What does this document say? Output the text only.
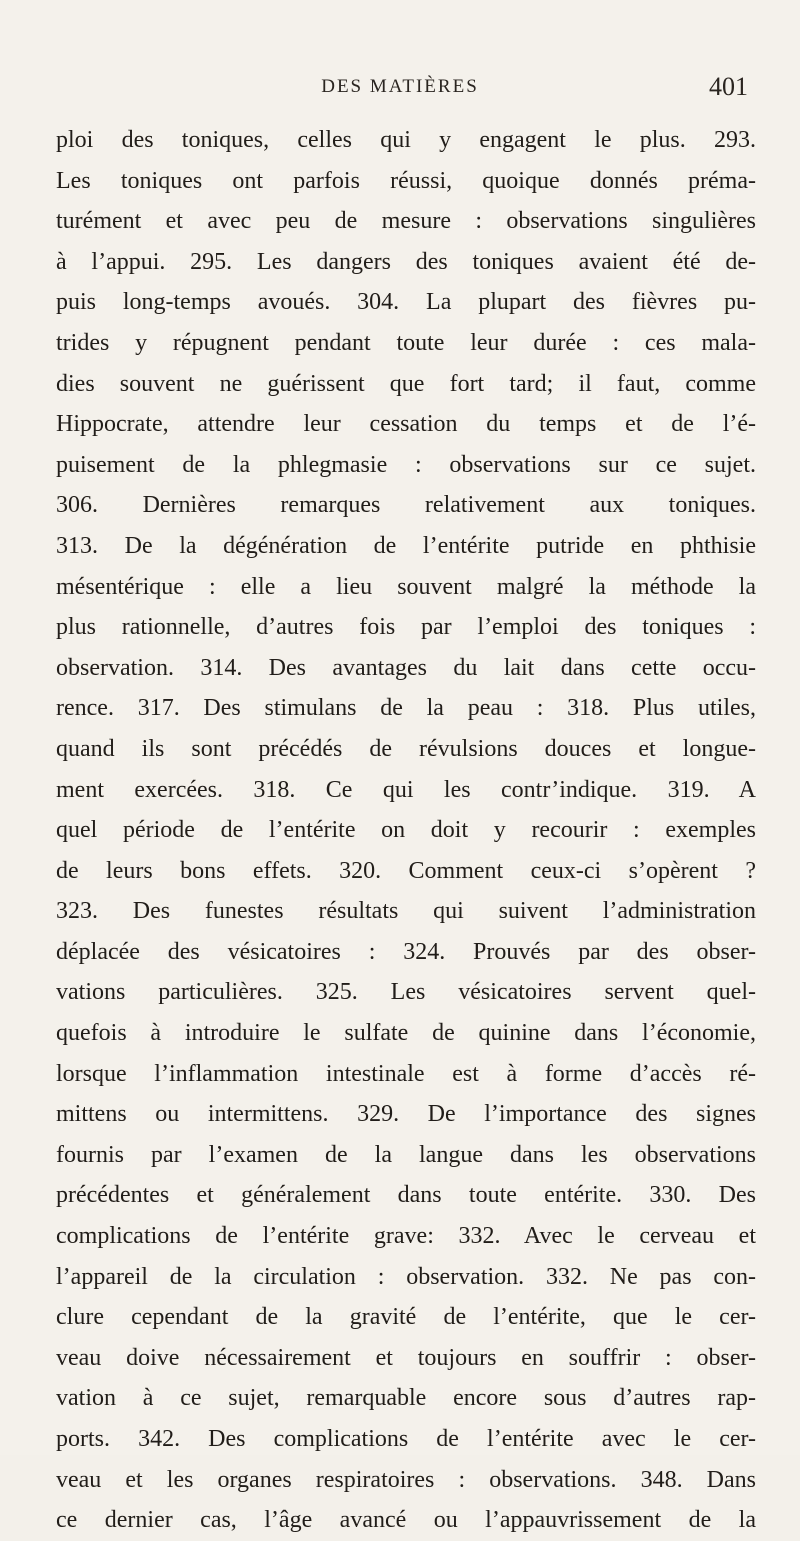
DES MATIÈRES	401
ploi des toniques, celles qui y engagent le plus. 293.
Les toniques ont parfois réussi, quoique donnés préma-
turément et avec peu de mesure : observations singulières
à l’appui. 295. Les dangers des toniques avaient été de-
puis long-temps avoués. 304. La plupart des fièvres pu-
trides y répugnent pendant toute leur durée : ces mala-
dies souvent ne guérissent que fort tard; il faut, comme
Hippocrate, attendre leur cessation du temps et de l’é-
puisement de la phlegmasie : observations sur ce sujet.
306. Dernières remarques relativement aux toniques.
313. De la dégénération de l’entérite putride en phthisie
mésentérique : elle a lieu souvent malgré la méthode la
plus rationnelle, d’autres fois par l’emploi des toniques :
observation. 314. Des avantages du lait dans cette occu-
rence. 317. Des stimulans de la peau : 318. Plus utiles,
quand ils sont précédés de révulsions douces et longue-
ment exercées. 318. Ce qui les contr’indique. 319. A
quel période de l’entérite on doit y recourir : exemples
de leurs bons effets. 320. Comment ceux-ci s’opèrent ?
323. Des funestes résultats qui suivent l’administration
déplacée des vésicatoires : 324. Prouvés par des obser-
vations particulières. 325. Les vésicatoires servent quel-
quefois à introduire le sulfate de quinine dans l’économie,
lorsque l’inflammation intestinale est à forme d’accès ré-
mittens ou intermittens. 329. De l’importance des signes
fournis par l’examen de la langue dans les observations
précédentes et généralement dans toute entérite. 330. Des
complications de l’entérite grave: 332. Avec le cerveau et
l’appareil de la circulation : observation. 332. Ne pas con-
clure cependant de la gravité de l’entérite, que le cer-
veau doive nécessairement et toujours en souffrir : obser-
vation à ce sujet, remarquable encore sous d’autres rap-
ports. 342. Des complications de l’entérite avec le cer-
veau et les organes respiratoires : observations. 348. Dans
ce dernier cas, l’âge avancé ou l’appauvrissement de la
